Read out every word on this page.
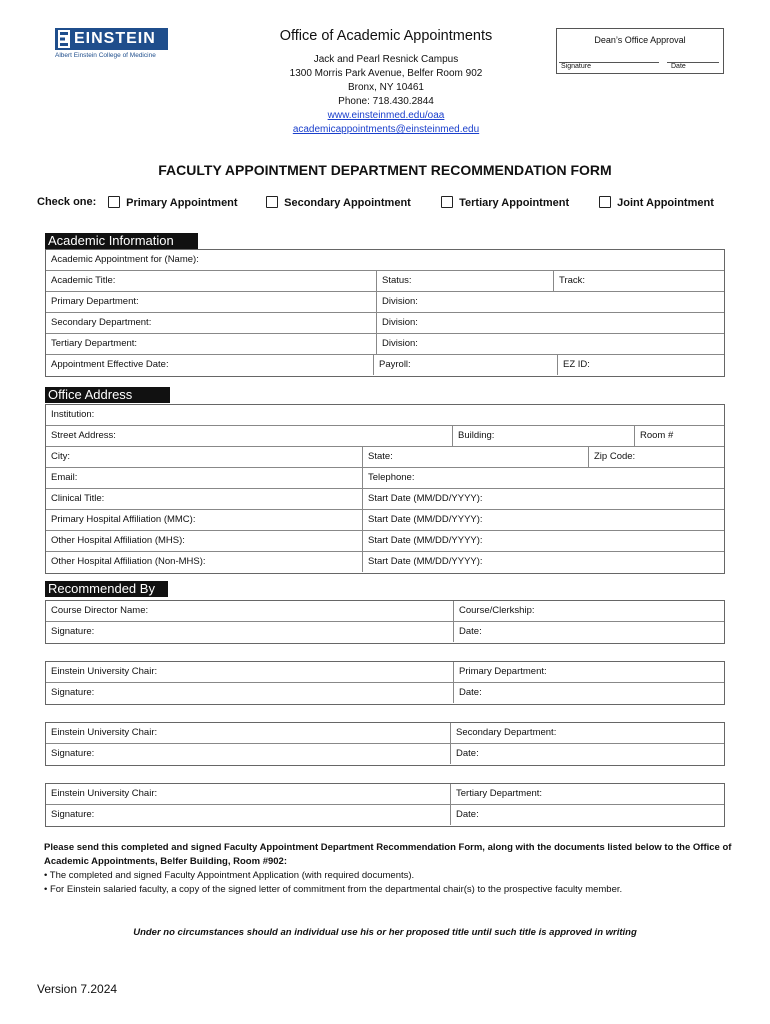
EINSTEIN
Albert Einstein College of Medicine
Office of Academic Appointments
Jack and Pearl Resnick Campus
1300 Morris Park Avenue, Belfer Room 902
Bronx, NY 10461
Phone: 718.430.2844
www.einsteinmed.edu/oaa
academicappointments@einsteinmed.edu
Dean’s Office Approval
Signature	Date
FACULTY APPOINTMENT DEPARTMENT RECOMMENDATION FORM
Check one:	Primary Appointment	Secondary Appointment	Tertiary Appointment	Joint Appointment
Academic Information
Academic Appointment for (Name):
Academic Title:	Status:	Track:
Primary Department:	Division:
Secondary Department:	Division:
Tertiary Department:	Division:
Appointment Effective Date:	Payroll:	EZ ID:
Office Address
Institution:
Street Address:	Building:	Room #
City:	State:	Zip Code:
Email:	Telephone:
Clinical Title:	Start Date (MM/DD/YYYY):
Primary Hospital Affiliation (MMC):	Start Date (MM/DD/YYYY):
Other Hospital Affiliation (MHS):	Start Date (MM/DD/YYYY):
Other Hospital Affiliation (Non-MHS):	Start Date (MM/DD/YYYY):
Recommended By
Course Director Name:	Course/Clerkship:
Signature:	Date:
Einstein University Chair:	Primary Department:
Signature:	Date:
Einstein University Chair:	Secondary Department:
Signature:	Date:
Einstein University Chair:	Tertiary Department:
Signature:	Date:
Please send this completed and signed Faculty Appointment Department Recommendation Form, along with the documents listed below to the Office of Academic Appointments, Belfer Building, Room #902:
• The completed and signed Faculty Appointment Application (with required documents).
• For Einstein salaried faculty, a copy of the signed letter of commitment from the departmental chair(s) to the prospective faculty member.
Under no circumstances should an individual use his or her proposed title until such title is approved in writing
Version 7.2024
